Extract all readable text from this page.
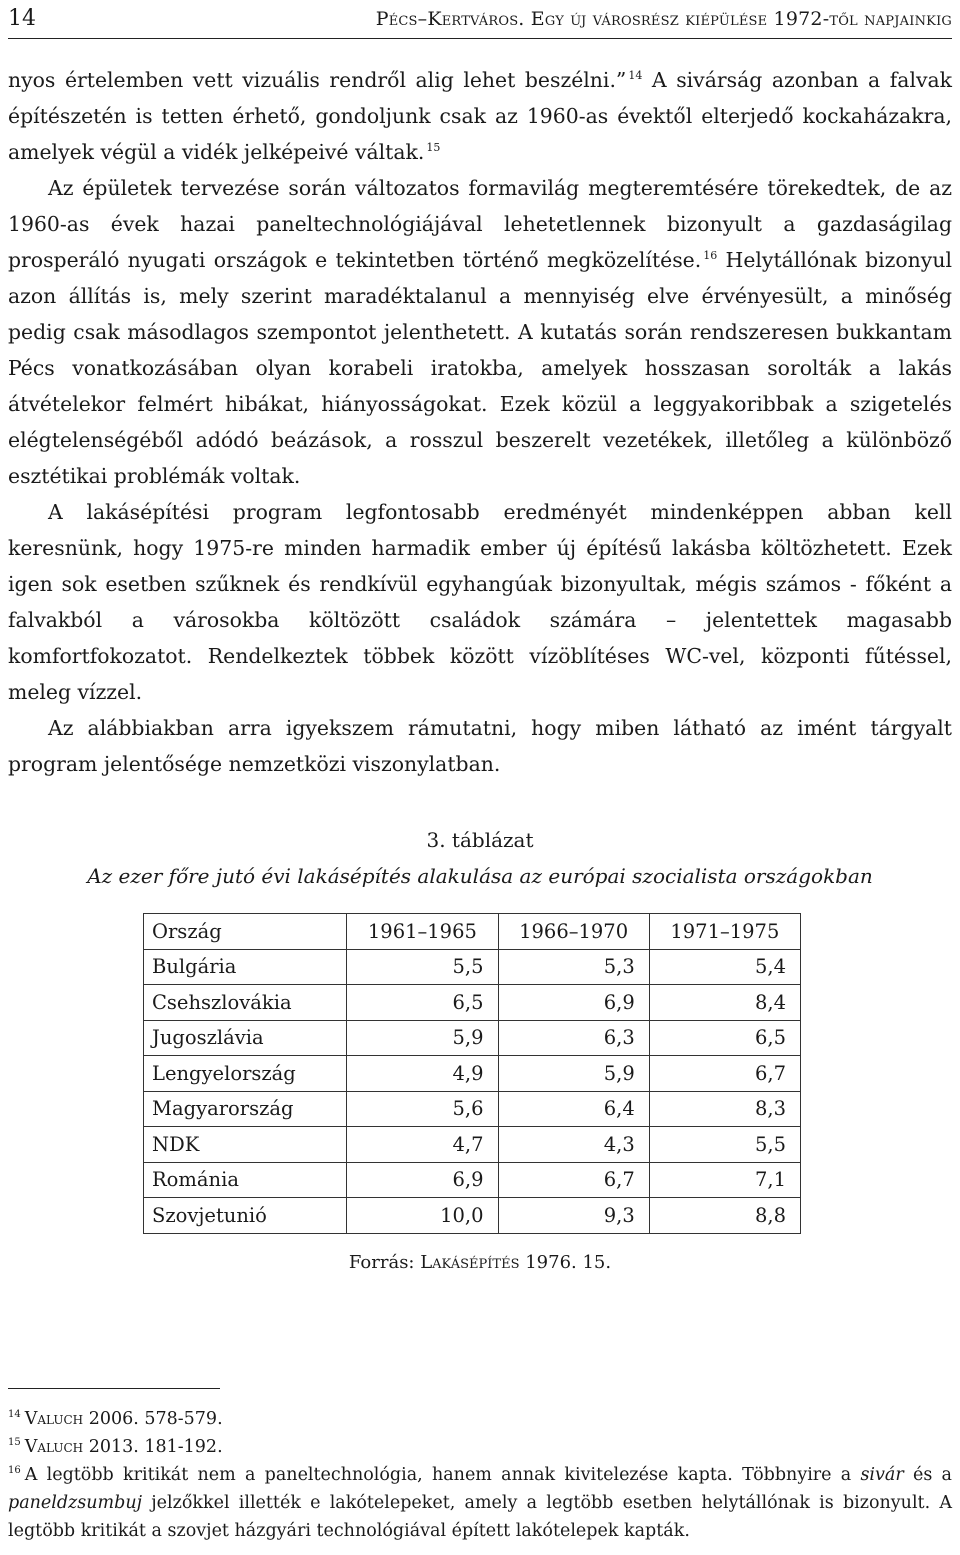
14	Pécs–Kertváros. Egy új városrész kiépülése 1972-től napjainkig

nyos értelemben vett vizuális rendről alig lehet beszélni.” $^{14}$ A sivárság azonban a falvak építészetén is tetten érhető, gondoljunk csak az 1960-as évektől elterjedő kockaházakra, amelyek végül a vidék jelképeivé váltak. $^{15}$

Az épületek tervezése során változatos formavilág megteremtésére törekedtek, de az 1960-as évek hazai paneltechnológiájával lehetetlennek bizonyult a gazdaságilag prosperáló nyugati országok e tekintetben történő megközelítése. $^{16}$ Helytállónak bizonyul azon állítás is, mely szerint maradéktalanul a mennyiség elve érvényesült, a minőség pedig csak másodlagos szempontot jelenthetett. A kutatás során rendszeresen bukkantam Pécs vonatkozásában olyan korabeli iratokba, amelyek hosszasan sorolták a lakás átvételekor felmért hibákat, hiányosságokat. Ezek közül a leggyakoribbak a szigetelés elégtelenségéből adódó beázások, a rosszul beszerelt vezetékek, illetőleg a különböző esztétikai problémák voltak.

A lakásépítési program legfontosabb eredményét mindenképpen abban kell keresnünk, hogy 1975-re minden harmadik ember új építésű lakásba költözhetett. Ezek igen sok esetben szűknek és rendkívül egyhangúak bizonyultak, mégis számos - főként a falvakból a városokba költözött családok számára – jelentettek magasabb komfortfokozatot. Rendelkeztek többek között vízöblítéses WC-vel, központi fűtéssel, meleg vízzel.

Az alábbiakban arra igyekszem rámutatni, hogy miben látható az imént tárgyalt program jelentősége nemzetközi viszonylatban.

3. táblázat
Az ezer főre jutó évi lakásépítés alakulása az európai szocialista országokban
Ország	1961–1965	1966–1970	1971–1975
Bulgária	5,5	5,3	5,4
Csehszlovákia	6,5	6,9	8,4
Jugoszlávia	5,9	6,3	6,5
Lengyelország	4,9	5,9	6,7
Magyarország	5,6	6,4	8,3
NDK	4,7	4,3	5,5
Románia	6,9	6,7	7,1
Szovjetunió	10,0	9,3	8,8
Forrás: Lakásépítés 1976. 15.

$^{14}$ Valuch 2006. 578-579.

$^{15}$ Valuch 2013. 181-192.

$^{16}$ A legtöbb kritikát nem a paneltechnológia, hanem annak kivitelezése kapta. Többnyire a sivár és a paneldzsumbuj jelzőkkel illették e lakótelepeket, amely a legtöbb esetben helytállónak is bizonyult. A legtöbb kritikát a szovjet házgyári technológiával épített lakótelepek kapták.
